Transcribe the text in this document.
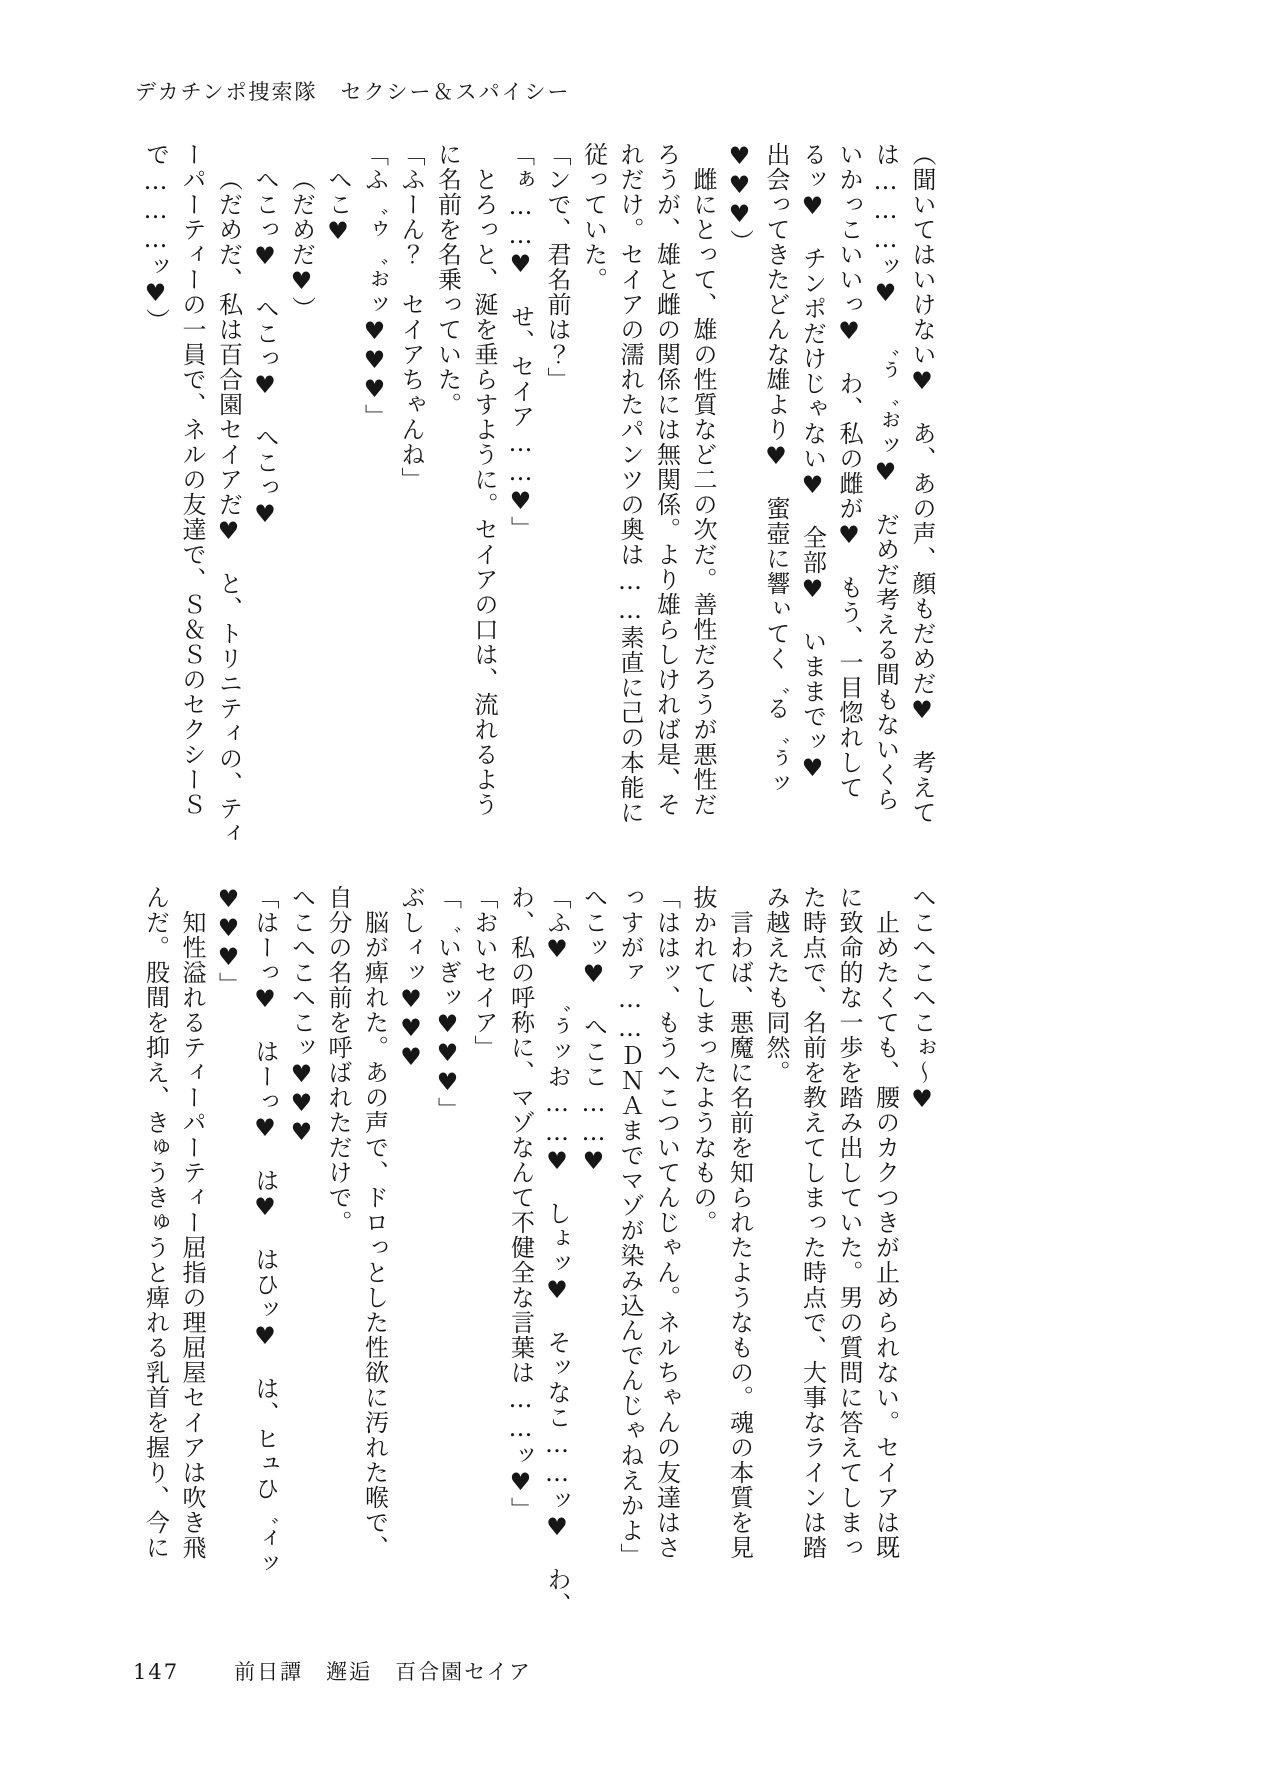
デカチンポ捜索隊　セクシー＆スパイシー
（聞いてはいけない♥　あ、あの声、顔もだめだ♥　考えて
は………ッ♥　゛ぅ゛ぉッ♥　だめだ考える間もないくら
いかっこいいっ♥　わ、私の雌が♥　もう、一目惚れして
るッ♥　チンポだけじゃない♥　全部♥　いままでッ♥
出会ってきたどんな雄より♥　蜜壺に響ぃてく゛る゛ぅッ
♥♥♥）
雌にとって、雄の性質など二の次だ。善性だろうが悪性だ
ろうが、雄と雌の関係には無関係。より雄らしければ是、そ
れだけ。セイアの濡れたパンツの奥は……素直に己の本能に
従っていた。
「ンで、君名前は？」
「ぁ……♥　せ、セイア……♥」
とろっと、涎を垂らすように。セイアの口は、流れるよう
に名前を名乗っていた。
「ふーん？　セイアちゃんね」
「ふ゛ゥ゛ぉッ♥♥♥」
へこ♥
（だめだ♥）
へこっ♥　へこっ♥　へこっ♥
（だめだ、私は百合園セイアだ♥　と、トリニティの、ティ
ーパーティーの一員で、ネルの友達で、Ｓ＆ＳのセクシーＳ
で………ッ♥）
へこへこへこぉ～♥
止めたくても、腰のカクつきが止められない。セイアは既
に致命的な一歩を踏み出していた。男の質問に答えてしまっ
た時点で、名前を教えてしまった時点で、大事なラインは踏
み越えたも同然。
言わば、悪魔に名前を知られたようなもの。魂の本質を見
抜かれてしまったようなもの。
「ははッ、もうへこついてんじゃん。ネルちゃんの友達はさ
っすがァ……ＤＮＡまでマゾが染み込んでんじゃねえかよ」
へこッ♥　へここ……♥
「ふ♥　゛ぅッお……♥　しょッ♥　そッなこ……ッ♥　わ、
わ、私の呼称に、マゾなんて不健全な言葉は……ッ♥」
「おいセイア」
「゛いぎッ♥♥♥」
ぶしィッ♥♥♥
脳が痺れた。あの声で、ドロっとした性欲に汚れた喉で、
自分の名前を呼ばれただけで。
へこへこへこッ♥♥♥
「はーっ♥　はーっ♥　は♥　はひッ♥　は、ヒュひ゛ィッ
♥♥♥」
知性溢れるティーパーティー屈指の理屈屋セイアは吹き飛
んだ。股間を抑え、きゅうきゅうと痺れる乳首を握り、今に
147	前日譚　邂逅　百合園セイア
